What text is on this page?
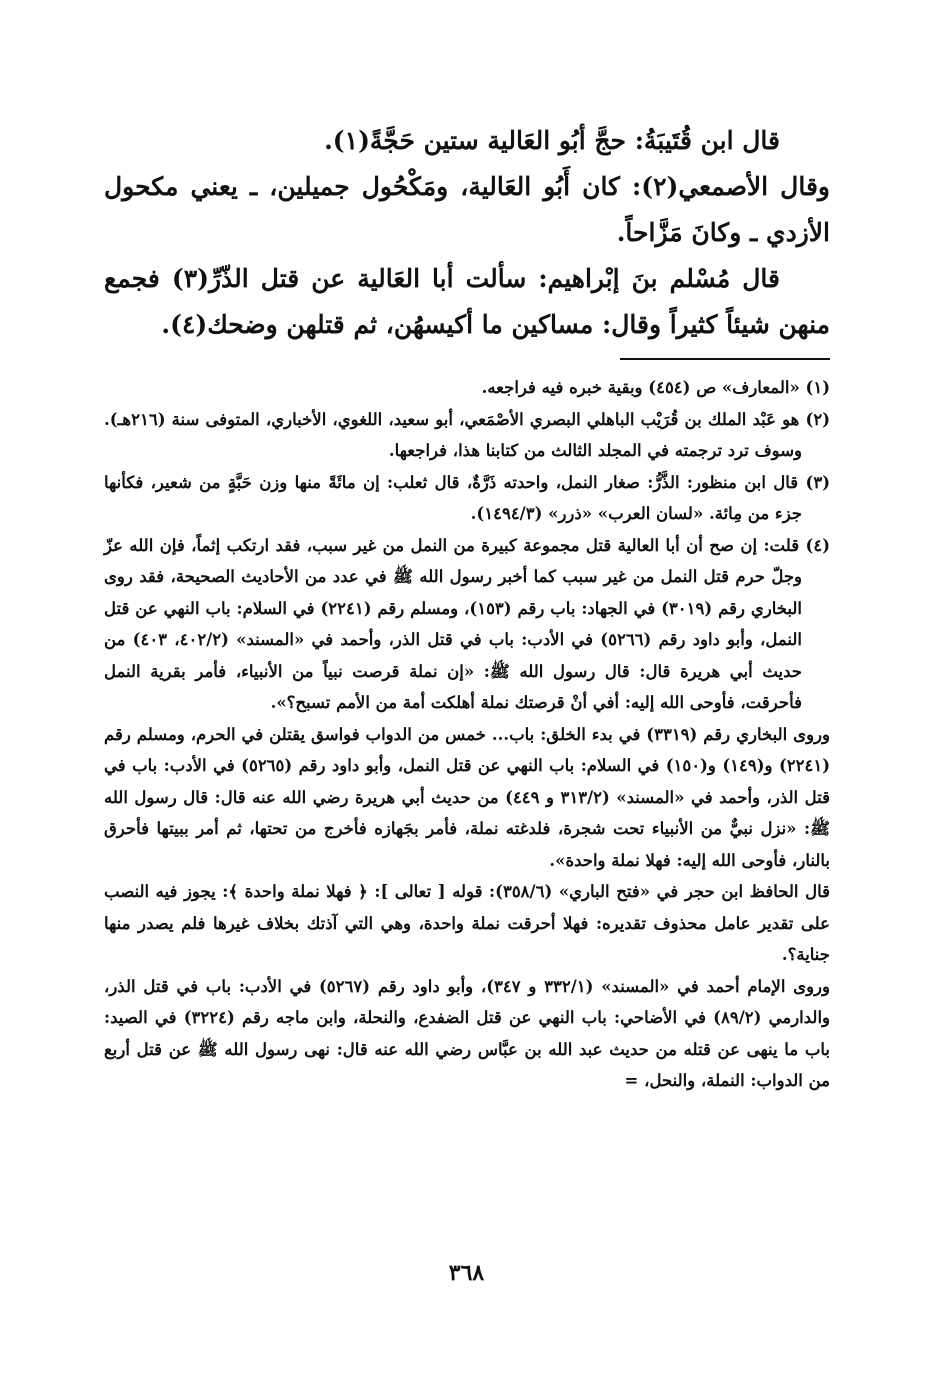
قال ابن قُتَيبَةُ: حجَّ أبُو العَالية ستين حَجَّةً(١).

وقال الأصمعي(٢): كان أَبُو العَالية، ومَكْحُول جميلين، ـ يعني مكحول الأزدي ـ وكانَ مَزَّاحاً.

قال مُسْلم بنَ إبْراهيم: سألت أبا العَالية عن قتل الذّرِّ(٣) فجمع منهن شيئاً كثيراً وقال: مساكين ما أكيسهُن، ثم قتلهن وضحك(٤).

(١) «المعارف» ص (٤٥٤) وبقية خبره فيه فراجعه.

(٢) هو عَبْد الملك بن قُرَيْب الباهلي البصري الأصْمَعي، أبو سعيد، اللغوي، الأخباري، المتوفى سنة (٢١٦هـ). وسوف ترد ترجمته في المجلد الثالث من كتابنا هذا، فراجعها.

(٣) قال ابن منظور: الذَّرُّ: صغار النمل، واحدته ذَرَّةٌ، قال ثعلب: إن مائَةً منها وزن حَبَّةٍ من شعير، فكأنها جزء من مِائة. «لسان العرب» «ذرر» (١٤٩٤/٣).

(٤) قلت: إن صح أن أبا العالية قتل مجموعة كبيرة من النمل من غير سبب، فقد ارتكب إثماً، فإن الله عزّ وجلّ حرم قتل النمل من غير سبب كما أخبر رسول الله ﷺ في عدد من الأحاديث الصحيحة، فقد روى البخاري رقم (٣٠١٩) في الجهاد: باب رقم (١٥٣)، ومسلم رقم (٢٢٤١) في السلام: باب النهي عن قتل النمل، وأبو داود رقم (٥٢٦٦) في الأدب: باب في قتل الذر، وأحمد في «المسند» (٤٠٢/٢، ٤٠٣) من حديث أبي هريرة قال: قال رسول الله ﷺ: «إن نملة قرصت نبياً من الأنبياء، فأمر بقرية النمل فأحرقت، فأوحى الله إليه: أفي أنْ قرصتك نملة أهلكت أمة من الأمم تسبح؟».

وروى البخاري رقم (٣٣١٩) في بدء الخلق: باب... خمس من الدواب فواسق يقتلن في الحرم، ومسلم رقم (٢٢٤١) و(١٤٩) و(١٥٠) في السلام: باب النهي عن قتل النمل، وأبو داود رقم (٥٢٦٥) في الأدب: باب في قتل الذر، وأحمد في «المسند» (٣١٣/٢ و ٤٤٩) من حديث أبي هريرة رضي الله عنه قال: قال رسول الله ﷺ: «نزل نبيٌّ من الأنبياء تحت شجرة، فلدغته نملة، فأمر بجَهازه فأخرج من تحتها، ثم أمر ببيتها فأحرق بالنار، فأوحى الله إليه: فهلا نملة واحدة».

قال الحافظ ابن حجر في «فتح الباري» (٣٥٨/٦): قوله [ تعالى ]: ﴿ فهلا نملة واحدة ﴾: يجوز فيه النصب على تقدير عامل محذوف تقديره: فهلا أحرقت نملة واحدة، وهي التي آذتك بخلاف غيرها فلم يصدر منها جناية؟.

وروى الإمام أحمد في «المسند» (٣٣٢/١ و ٣٤٧)، وأبو داود رقم (٥٢٦٧) في الأدب: باب في قتل الذر، والدارمي (٨٩/٢) في الأضاحي: باب النهي عن قتل الضفدع، والنحلة، وابن ماجه رقم (٣٢٢٤) في الصيد: باب ما ينهى عن قتله من حديث عبد الله بن عبَّاس رضي الله عنه قال: نهى رسول الله ﷺ عن قتل أربع من الدواب: النملة، والنحل، =

٣٦٨
